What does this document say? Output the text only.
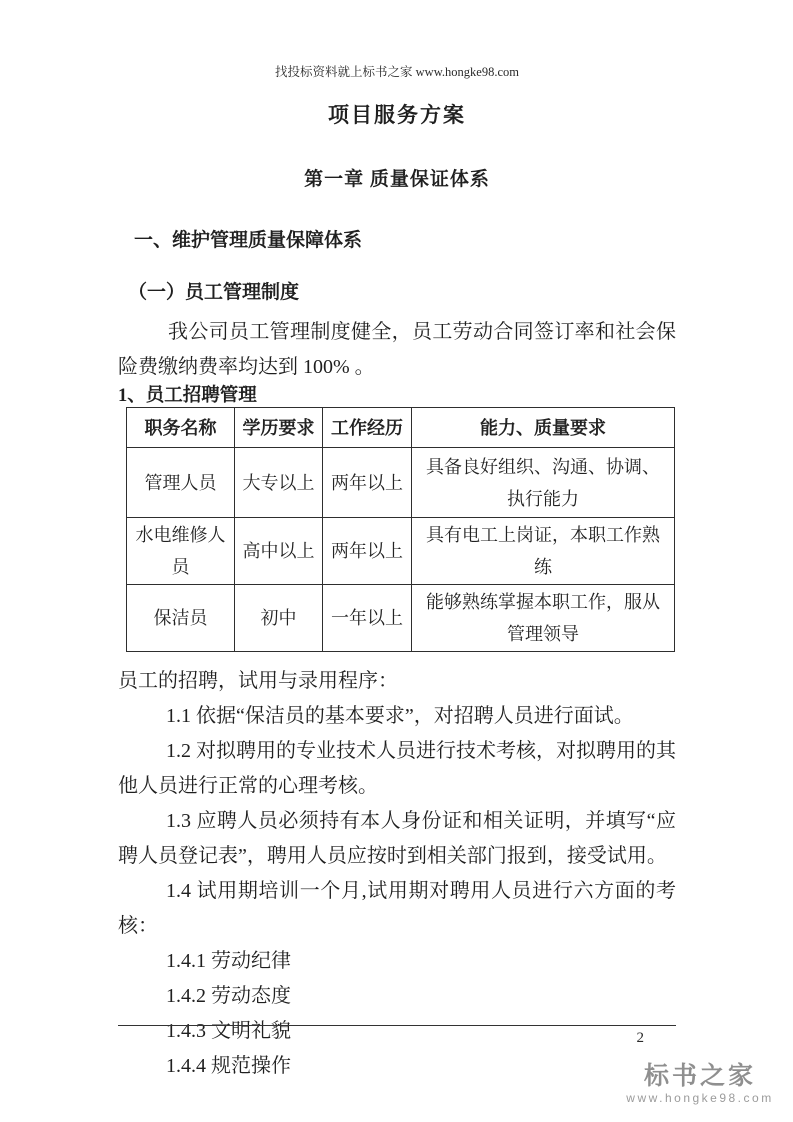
找投标资料就上标书之家 www.hongke98.com
项目服务方案
第一章 质量保证体系
一、维护管理质量保障体系
（一）员工管理制度

我公司员工管理制度健全，员工劳动合同签订率和社会保险费缴纳费率均达到 100% 。

1、员工招聘管理
职务名称	学历要求	工作经历	能力、质量要求
管理人员	大专以上	两年以上	具备良好组织、沟通、协调、执行能力
水电维修人员	高中以上	两年以上	具有电工上岗证，本职工作熟练
保洁员	初中	一年以上	能够熟练掌握本职工作，服从管理领导

员工的招聘，试用与录用程序：

1.1 依据“保洁员的基本要求”，对招聘人员进行面试。

1.2 对拟聘用的专业技术人员进行技术考核，对拟聘用的其他人员进行正常的心理考核。

1.3 应聘人员必须持有本人身份证和相关证明，并填写“应聘人员登记表”，聘用人员应按时到相关部门报到，接受试用。

1.4 试用期培训一个月,试用期对聘用人员进行六方面的考核：

1.4.1 劳动纪律

1.4.2 劳动态度

1.4.3 文明礼貌

1.4.4 规范操作

2
标书之家
www.hongke98.com
